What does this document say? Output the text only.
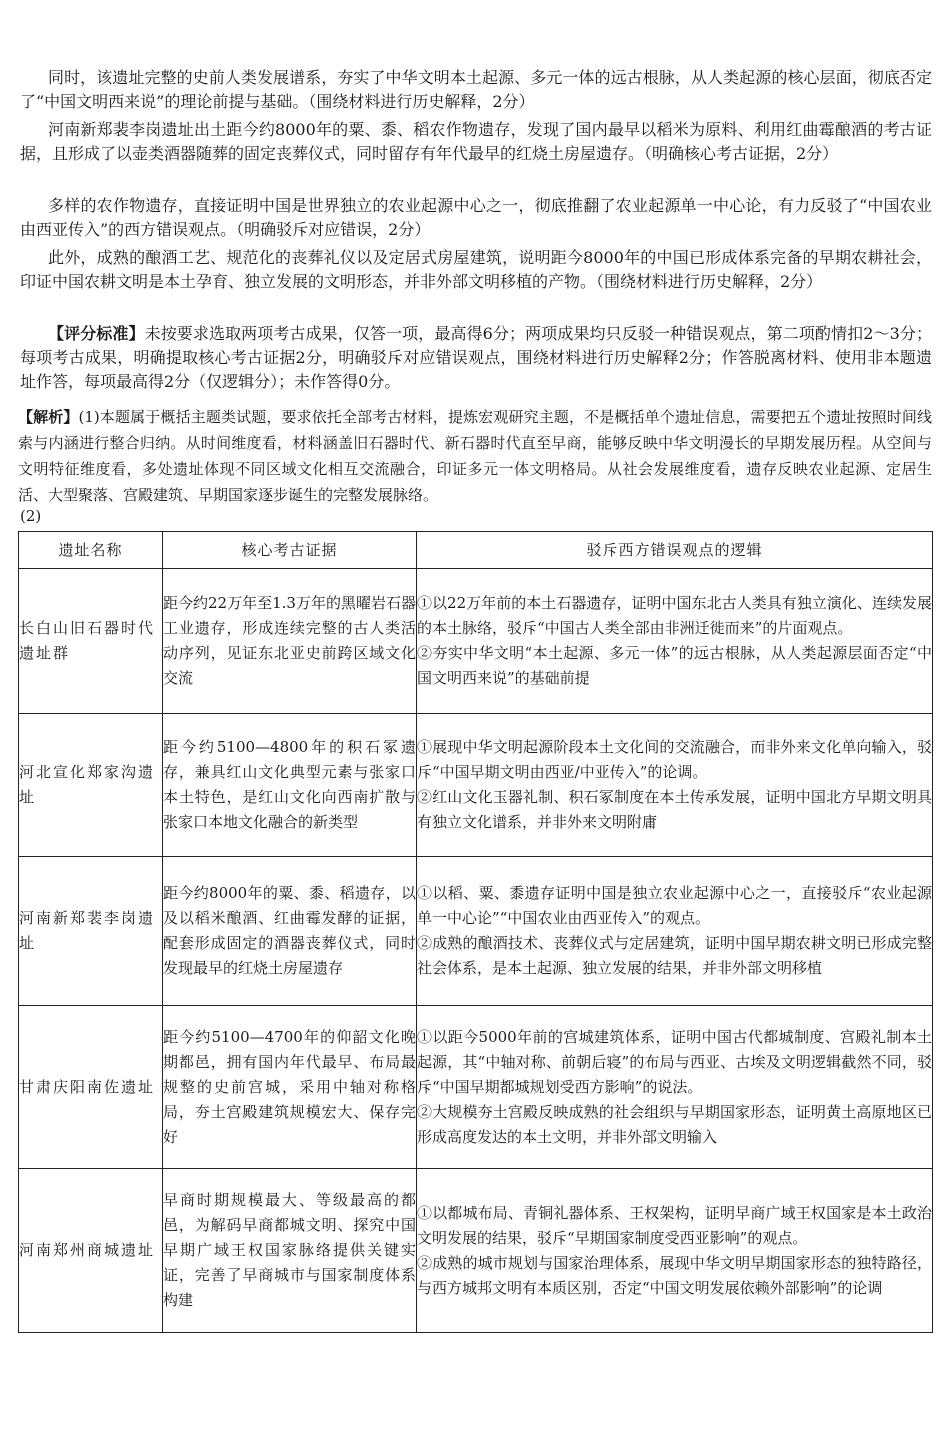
同时，该遗址完整的史前人类发展谱系，夯实了中华文明本土起源、多元一体的远古根脉，从人类起源的核心层面，彻底否定了“中国文明西来说”的理论前提与基础。（围绕材料进行历史解释，2分）

河南新郑裴李岗遗址出土距今约8000年的粟、黍、稻农作物遗存，发现了国内最早以稻米为原料、利用红曲霉酿酒的考古证据，且形成了以壶类酒器随葬的固定丧葬仪式，同时留存有年代最早的红烧土房屋遗存。（明确核心考古证据，2分）

多样的农作物遗存，直接证明中国是世界独立的农业起源中心之一，彻底推翻了农业起源单一中心论，有力反驳了“中国农业由西亚传入”的西方错误观点。（明确驳斥对应错误，2分）

此外，成熟的酿酒工艺、规范化的丧葬礼仪以及定居式房屋建筑，说明距今8000年的中国已形成体系完备的早期农耕社会，印证中国农耕文明是本土孕育、独立发展的文明形态，并非外部文明移植的产物。（围绕材料进行历史解释，2分）

【评分标准】未按要求选取两项考古成果，仅答一项，最高得6分；两项成果均只反驳一种错误观点，第二项酌情扣2～3分；每项考古成果，明确提取核心考古证据2分，明确驳斥对应错误观点，围绕材料进行历史解释2分；作答脱离材料、使用非本题遗址作答，每项最高得2分（仅逻辑分）；未作答得0分。

【解析】(1)本题属于概括主题类试题，要求依托全部考古材料，提炼宏观研究主题，不是概括单个遗址信息，需要把五个遗址按照时间线索与内涵进行整合归纳。从时间维度看，材料涵盖旧石器时代、新石器时代直至早商，能够反映中华文明漫长的早期发展历程。从空间与文明特征维度看，多处遗址体现不同区域文化相互交流融合，印证多元一体文明格局。从社会发展维度看，遗存反映农业起源、定居生活、大型聚落、宫殿建筑、早期国家逐步诞生的完整发展脉络。

(2)

遗址名称	核心考古证据	驳斥西方错误观点的逻辑
长白山旧石器时代遗址群	距今约22万年至1.3万年的黑曜岩石器工业遗存，形成连续完整的古人类活动序列，见证东北亚史前跨区域文化交流	①以22万年前的本土石器遗存，证明中国东北古人类具有独立演化、连续发展的本土脉络，驳斥“中国古人类全部由非洲迁徙而来”的片面观点。

②夯实中华文明“本土起源、多元一体”的远古根脉，从人类起源层面否定“中国文明西来说”的基础前提

河北宣化郑家沟遗址	距今约5100—4800年的积石冢遗存，兼具红山文化典型元素与张家口本土特色，是红山文化向西南扩散与张家口本地文化融合的新类型	①展现中华文明起源阶段本土文化间的交流融合，而非外来文化单向输入，驳斥“中国早期文明由西亚/中亚传入”的论调。

②红山文化玉器礼制、积石冢制度在本土传承发展，证明中国北方早期文明具有独立文化谱系，并非外来文明附庸

河南新郑裴李岗遗址	距今约8000年的粟、黍、稻遗存，以及以稻米酿酒、红曲霉发酵的证据，配套形成固定的酒器丧葬仪式，同时发现最早的红烧土房屋遗存	①以稻、粟、黍遗存证明中国是独立农业起源中心之一，直接驳斥“农业起源单一中心论”“中国农业由西亚传入”的观点。

②成熟的酿酒技术、丧葬仪式与定居建筑，证明中国早期农耕文明已形成完整社会体系，是本土起源、独立发展的结果，并非外部文明移植

甘肃庆阳南佐遗址	距今约5100—4700年的仰韶文化晚期都邑，拥有国内年代最早、布局最规整的史前宫城，采用中轴对称格局，夯土宫殿建筑规模宏大、保存完好	①以距今5000年前的宫城建筑体系，证明中国古代都城制度、宫殿礼制本土起源，其“中轴对称、前朝后寝”的布局与西亚、古埃及文明逻辑截然不同，驳斥“中国早期都城规划受西方影响”的说法。

②大规模夯土宫殿反映成熟的社会组织与早期国家形态，证明黄土高原地区已形成高度发达的本土文明，并非外部文明输入

河南郑州商城遗址	早商时期规模最大、等级最高的都邑，为解码早商都城文明、探究中国早期广域王权国家脉络提供关键实证，完善了早商城市与国家制度体系构建	①以都城布局、青铜礼器体系、王权架构，证明早商广域王权国家是本土政治文明发展的结果，驳斥“早期国家制度受西亚影响”的观点。

②成熟的城市规划与国家治理体系，展现中华文明早期国家形态的独特路径，与西方城邦文明有本质区别，否定“中国文明发展依赖外部影响”的论调
